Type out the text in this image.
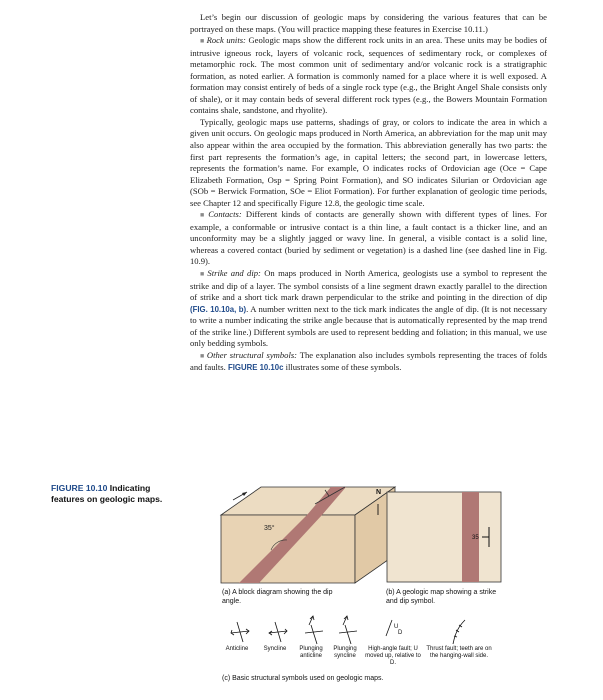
Let’s begin our discussion of geologic maps by considering the various features that can be portrayed on these maps. (You will practice mapping these features in Exercise 10.11.)

■ Rock units: Geologic maps show the different rock units in an area. These units may be bodies of intrusive igneous rock, layers of volcanic rock, sequences of sedimentary rock, or complexes of metamorphic rock. The most common unit of sedimentary and/or volcanic rock is a stratigraphic formation, as noted earlier. A formation is commonly named for a place where it is well exposed. A formation may consist entirely of beds of a single rock type (e.g., the Bright Angel Shale consists only of shale), or it may contain beds of several different rock types (e.g., the Bowers Mountain Formation contains shale, sandstone, and rhyolite).

Typically, geologic maps use patterns, shadings of gray, or colors to indicate the area in which a given unit occurs. On geologic maps produced in North America, an abbreviation for the map unit may also appear within the area occupied by the formation. This abbreviation generally has two parts: the first part represents the formation’s age, in capital letters; the second part, in lowercase letters, represents the formation’s name. For example, O indicates rocks of Ordovician age (Oce = Cape Elizabeth Formation, Osp = Spring Point Formation), and SO indicates Silurian or Ordovician age (SOb = Berwick Formation, SOe = Eliot Formation). For further explanation of geologic time periods, see Chapter 12 and specifically Figure 12.8, the geologic time scale.

■ Contacts: Different kinds of contacts are generally shown with different types of lines. For example, a conformable or intrusive contact is a thin line, a fault contact is a thicker line, and an unconformity may be a slightly jagged or wavy line. In general, a visible contact is a solid line, whereas a covered contact (buried by sediment or vegetation) is a dashed line (see dashed line in Fig. 10.9).

■ Strike and dip: On maps produced in North America, geologists use a symbol to represent the strike and dip of a layer. The symbol consists of a line segment drawn exactly parallel to the direction of strike and a short tick mark drawn perpendicular to the strike and pointing in the direction of dip (FIG. 10.10a, b). A number written next to the tick mark indicates the angle of dip. (It is not necessary to write a number indicating the strike angle because that is automatically represented by the map trend of the strike line.) Different symbols are used to represent bedding and foliation; in this manual, we use only bedding symbols.

■ Other structural symbols: The explanation also includes symbols representing the traces of folds and faults. FIGURE 10.10c illustrates some of these symbols.

FIGURE 10.10 Indicating features on geologic maps.
35°
N
35
U
D
(a) A block diagram showing the dip angle.
(b) A geologic map showing a strike and dip symbol.
Anticline	Syncline	Plunging anticline
Plunging syncline
High-angle fault; U moved up, relative to D.
Thrust fault; teeth are on the hanging-wall side.
(c) Basic structural symbols used on geologic maps.
